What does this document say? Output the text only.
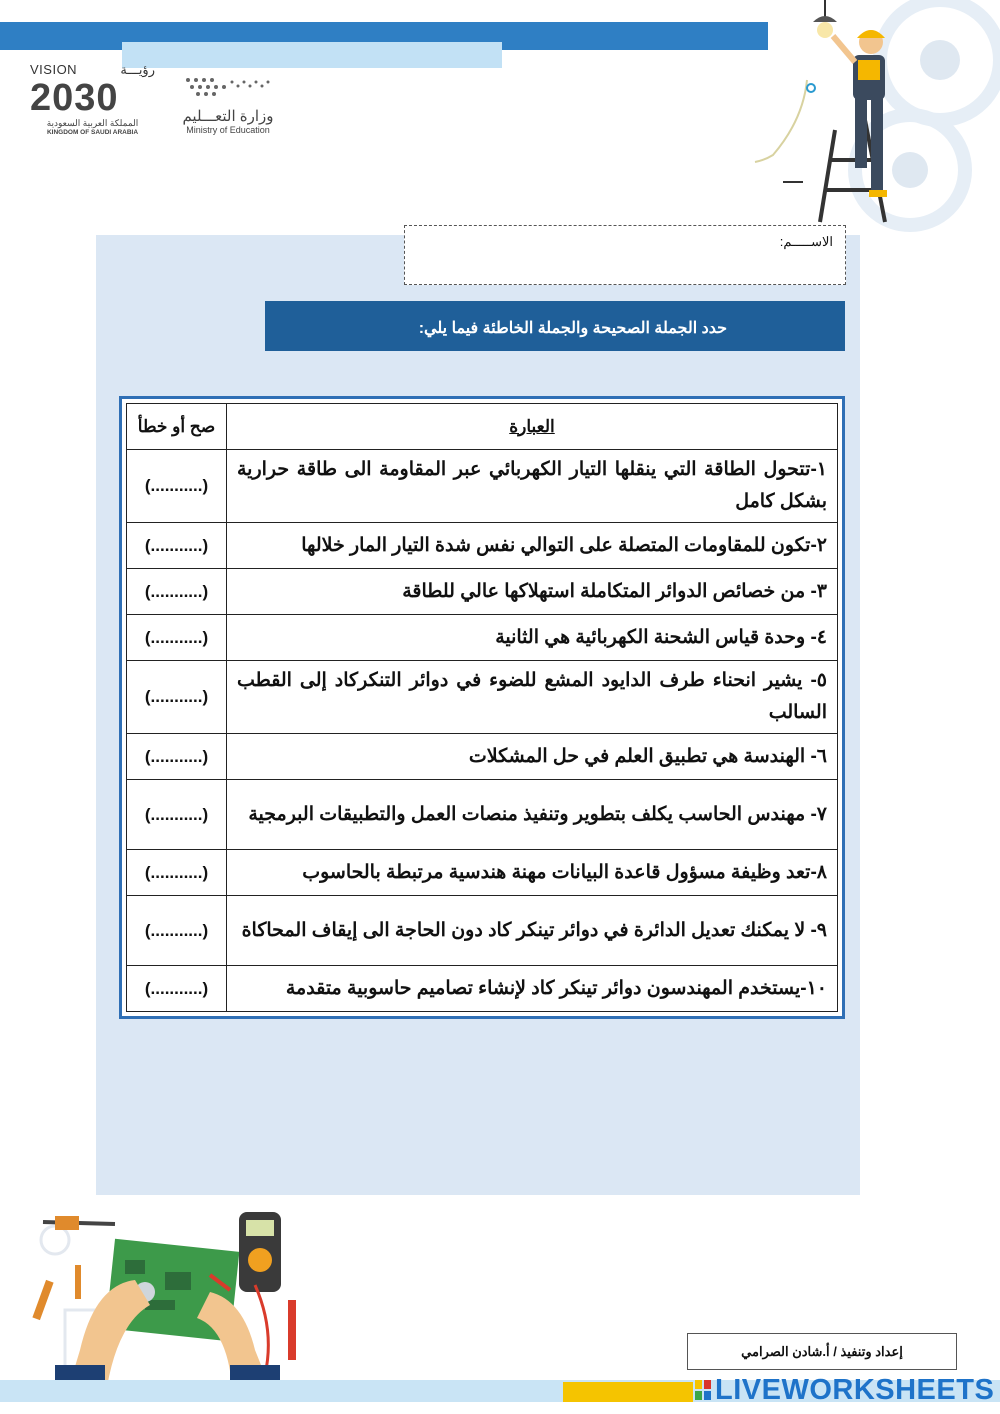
VISION	رؤيـــة
2030
المملكة العربية السعودية
KINGDOM OF SAUDI ARABIA
وزارة التعـــليم
Ministry of Education
الاســـــم:
حدد الجملة الصحيحة والجملة الخاطئة فيما يلي:
العبارة	صح أو خطأ
١-تتحول الطاقة التي ينقلها التيار الكهربائي عبر المقاومة الى طاقة حرارية بشكل كامل	(...........)
٢-تكون للمقاومات المتصلة على التوالي نفس شدة التيار المار خلالها	(...........)
٣- من خصائص الدوائر المتكاملة استهلاكها عالي للطاقة	(...........)
٤- وحدة قياس الشحنة الكهربائية هي الثانية	(...........)
٥- يشير انحناء طرف الدايود المشع للضوء في دوائر التنكركاد إلى القطب السالب	(...........)
٦- الهندسة هي تطبيق العلم في حل المشكلات	(...........)
٧- مهندس الحاسب يكلف بتطوير وتنفيذ منصات العمل والتطبيقات البرمجية	(...........)
٨-تعد وظيفة مسؤول قاعدة البيانات مهنة هندسية مرتبطة بالحاسوب	(...........)
٩- لا يمكنك تعديل الدائرة في دوائر تينكر كاد دون الحاجة الى إيقاف المحاكاة	(...........)
١٠-يستخدم المهندسون دوائر تينكر كاد لإنشاء تصاميم حاسوبية متقدمة	(...........)
إعداد وتنفيذ / أ.شادن الصرامي
LIVEWORKSHEETS
